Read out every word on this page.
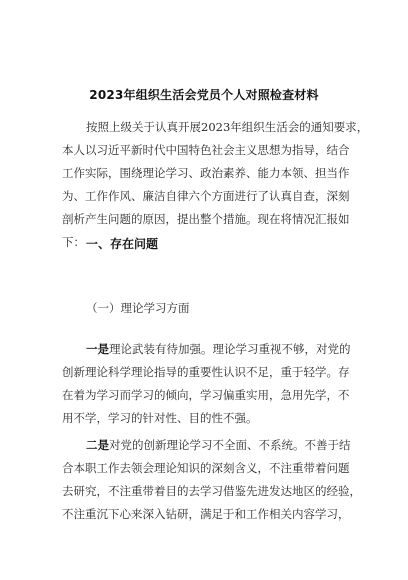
2023年组织生活会党员个人对照检查材料
按照上级关于认真开展2023年组织生活会的通知要求，
本人以习近平新时代中国特色社会主义思想为指导，结合
工作实际，围绕理论学习、政治素养、能力本领、担当作
为、工作作风、廉洁自律六个方面进行了认真自查，深刻
剖析产生问题的原因，提出整个措施。现在将情况汇报如
下： 一、存在问题
（一）理论学习方面
一是理论武装有待加强。理论学习重视不够，对党的
创新理论科学理论指导的重要性认识不足，重于轻学。存
在着为学习而学习的倾向，学习偏重实用，急用先学，不
用不学，学习的针对性、目的性不强。
二是对党的创新理论学习不全面、不系统。不善于结
合本职工作去领会理论知识的深刻含义，不注重带着问题
去研究，不注重带着目的去学习借鉴先进发达地区的经验，
不注重沉下心来深入钻研，满足于和工作相关内容学习，
